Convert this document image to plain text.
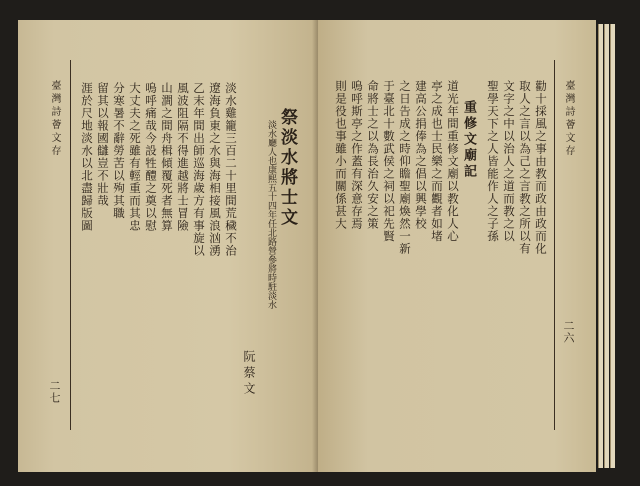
二七
臺灣詩薈文存 涯於尺地淡水以北盡歸版圖 留其以報國讎豈不壯哉 分寒暑不辭勞苦以殉其職 大丈夫之死雖有輕重而其忠 嗚呼痛哉今設牲醴之奠以慰 山澗之間舟楫傾覆死者無算 風波阻隔不得進越將士冒險 乙末年間出師巡海歲方有事旋以 遼海負東之水與海相接風浪汹湧 淡水雞籠三百二十里間荒穢不治
阮蔡文
淡水廳人也康熙五十四年任北路營參將時駐淡水 祭淡水將士文	則是役也事雖小而關係甚大 嗚呼斯亭之作蓋有深意存焉 命將士之以為長治久安之策 于臺北十數武侯之祠以祀先賢 之日告成之時仰瞻聖廟煥然一新 建高公捐俸為之倡以興學校 亭之成也士民樂之而觀者如堵 道光年間重修文廟以教化人心 重修文廟記 聖學天下之人皆能作人之子孫 文字之中以治人之道而教之以 取人之言以為己之言教之所以有 勸十採風之事由教而政由政而化 臺灣詩薈文存
二六
